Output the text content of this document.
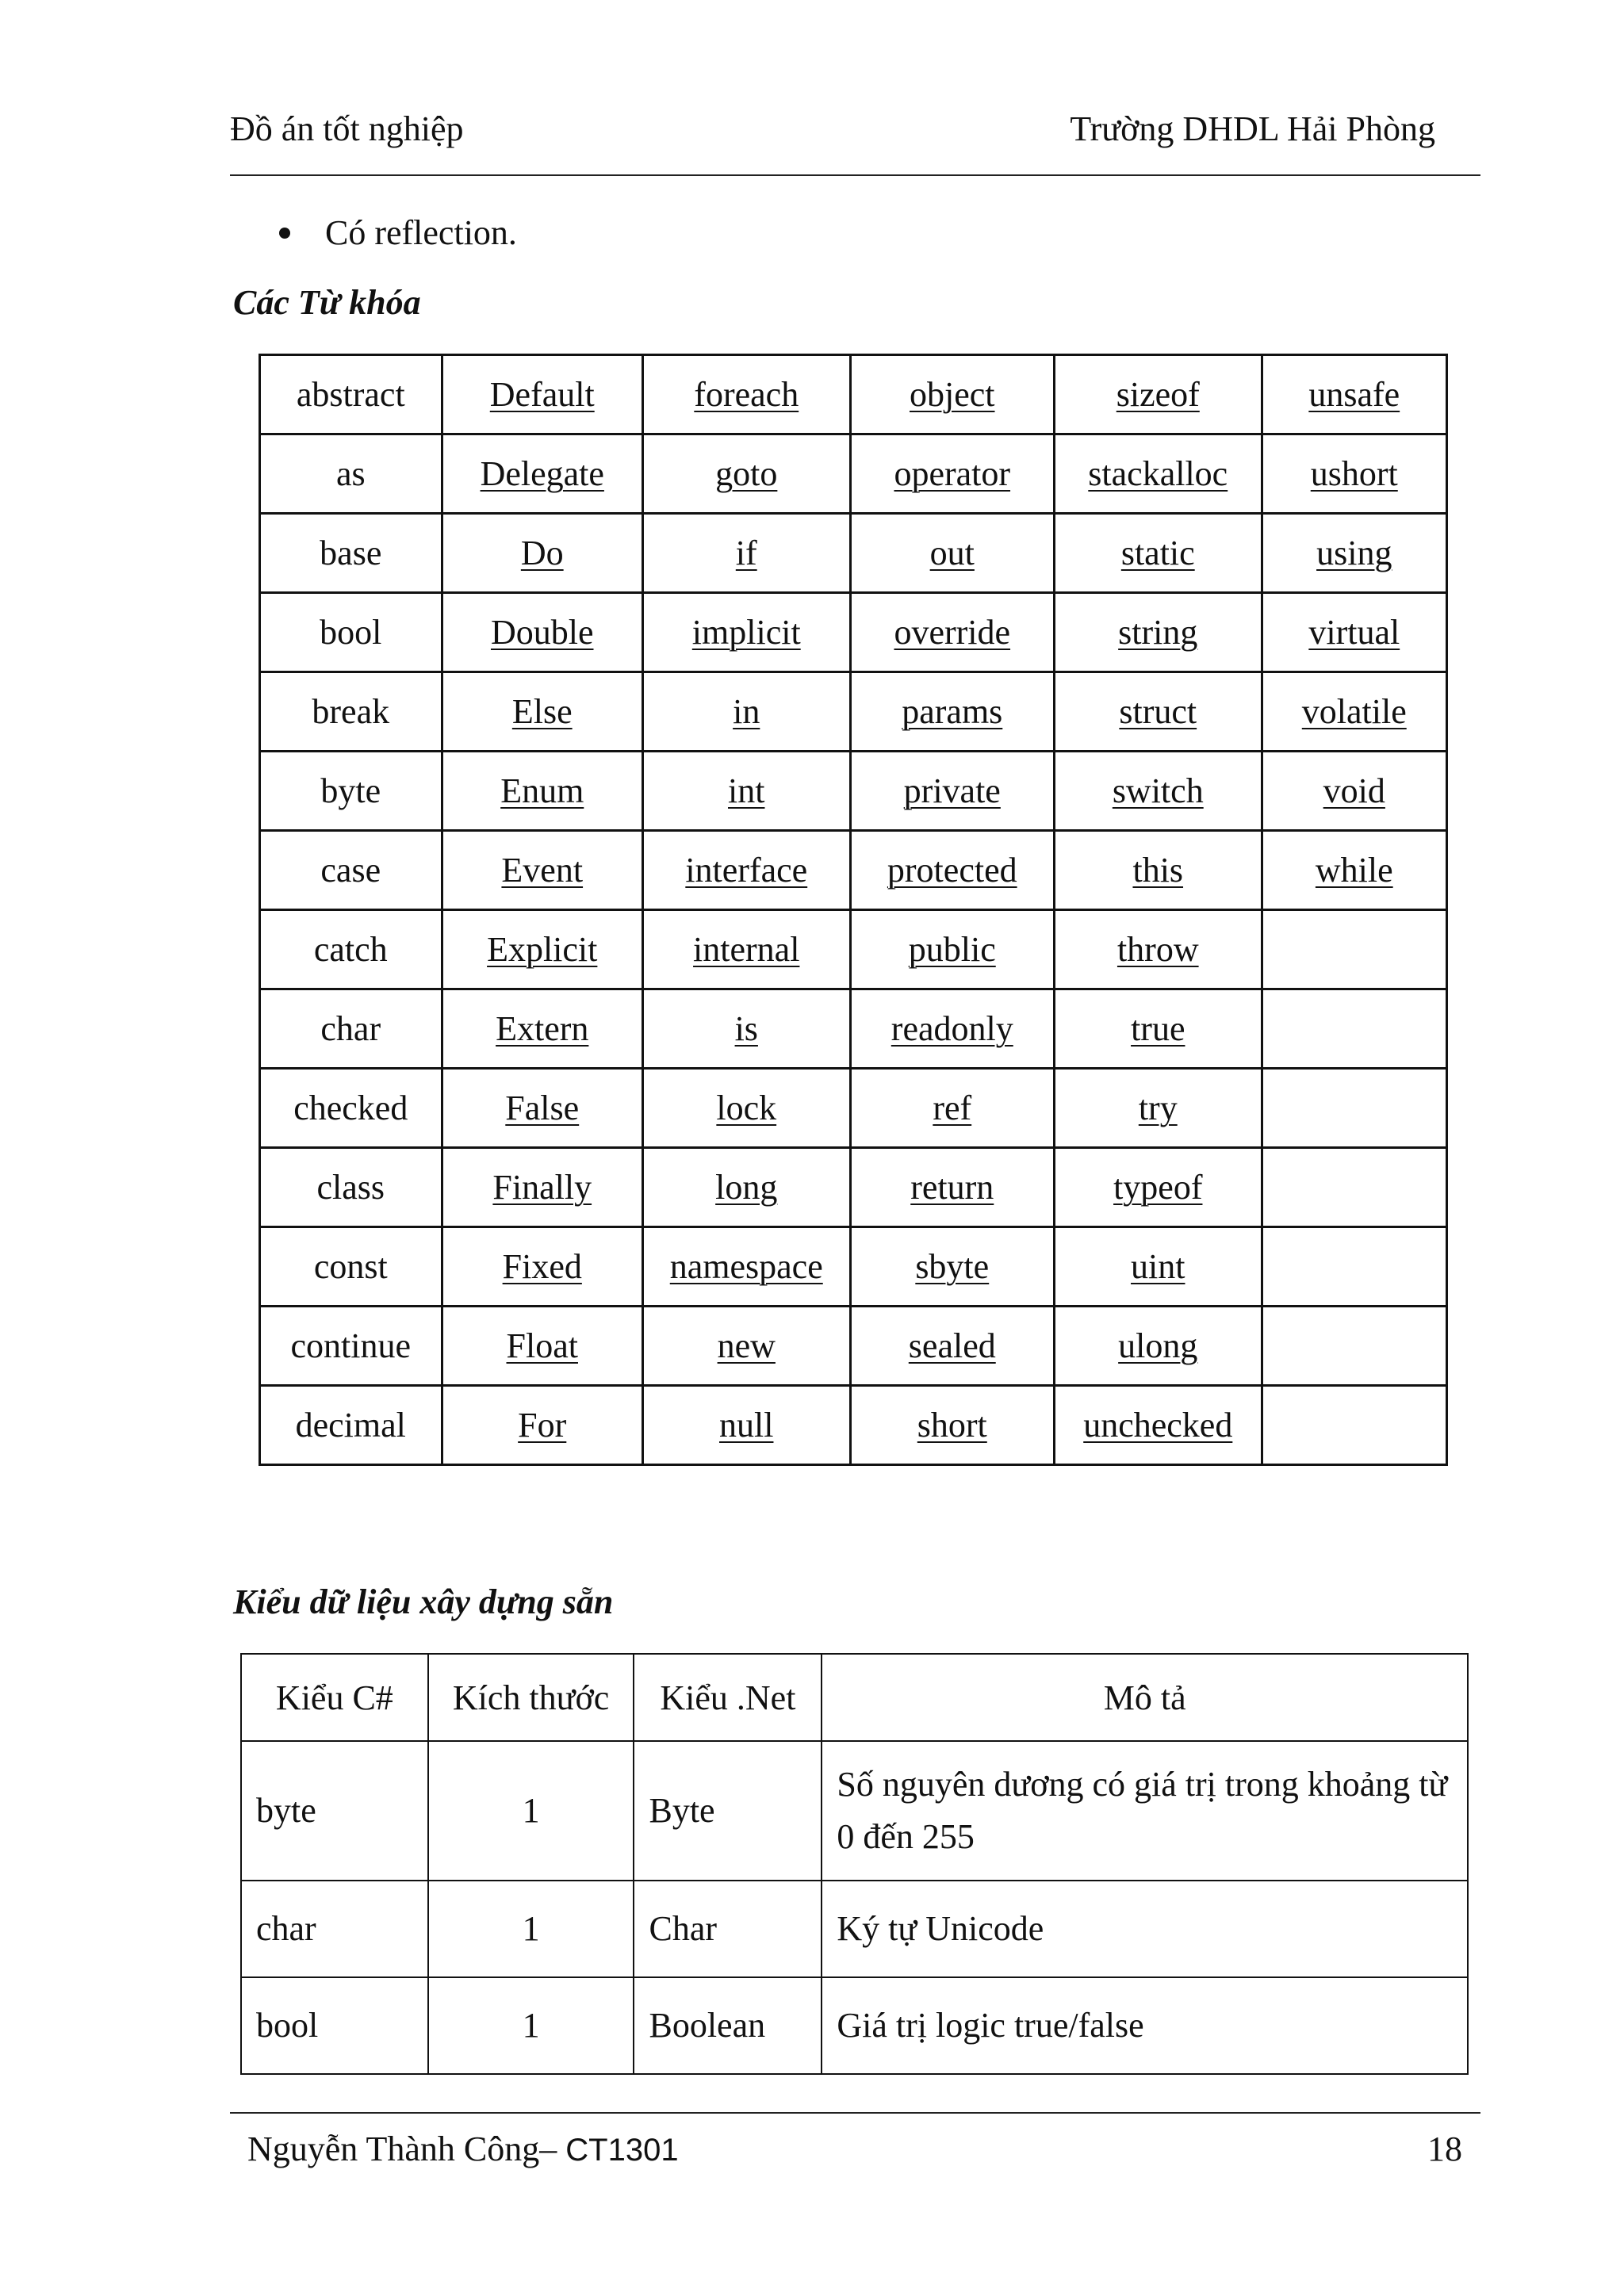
Đồ án tốt nghiệp	Trường DHDL Hải Phòng
Có reflection.
Các Từ khóa
abstract	Default	foreach	object	sizeof	unsafe
as	Delegate	goto	operator	stackalloc	ushort
base	Do	if	out	static	using
bool	Double	implicit	override	string	virtual
break	Else	in	params	struct	volatile
byte	Enum	int	private	switch	void
case	Event	interface	protected	this	while
catch	Explicit	internal	public	throw	
char	Extern	is	readonly	true	
checked	False	lock	ref	try	
class	Finally	long	return	typeof	
const	Fixed	namespace	sbyte	uint	
continue	Float	new	sealed	ulong	
decimal	For	null	short	unchecked	
Kiểu dữ liệu xây dựng sẵn
Kiểu C#	Kích thước	Kiểu .Net	Mô tả
byte	1	Byte	Số nguyên dương có giá trị trong khoảng từ 0 đến 255
char	1	Char	Ký tự Unicode
bool	1	Boolean	Giá trị logic true/false
Nguyễn Thành Công– CT1301	18
